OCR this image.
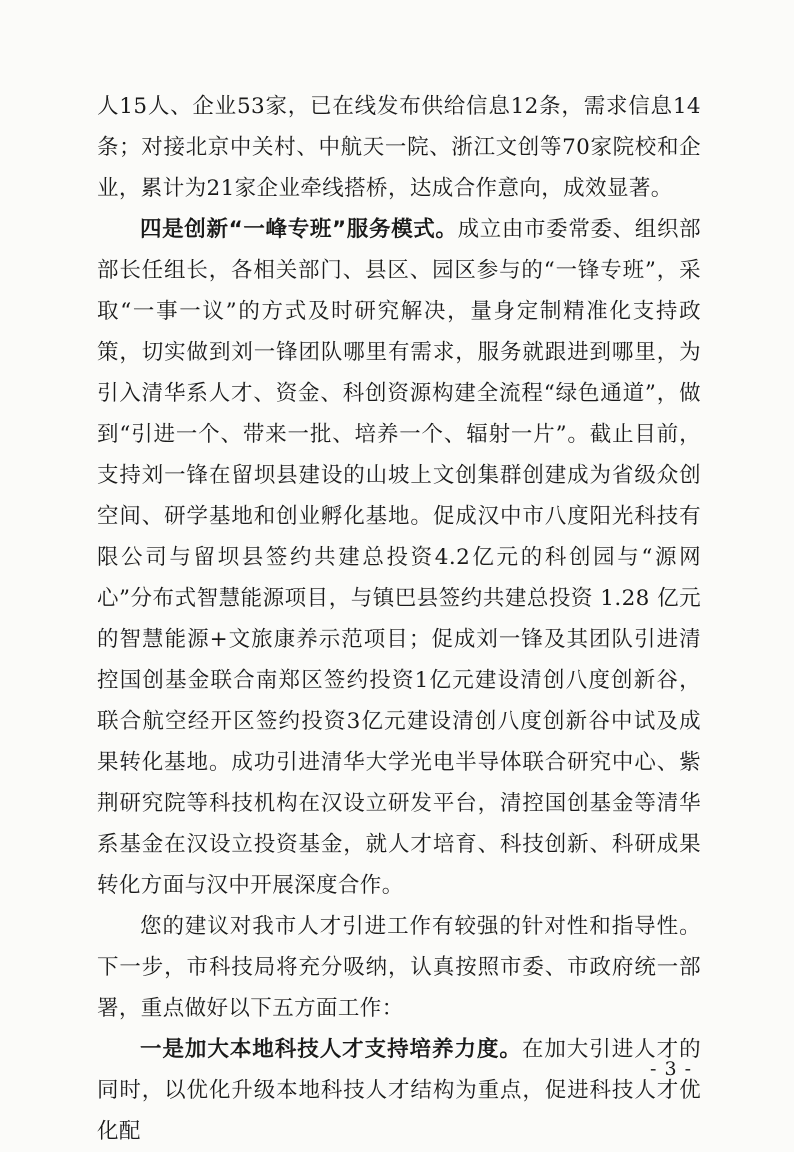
人15人、企业53家，已在线发布供给信息12条，需求信息14条；对接北京中关村、中航天一院、浙江文创等70家院校和企业，累计为21家企业牵线搭桥，达成合作意向，成效显著。

四是创新“一峰专班”服务模式。成立由市委常委、组织部部长任组长，各相关部门、县区、园区参与的“一锋专班”，采取“一事一议”的方式及时研究解决，量身定制精准化支持政策，切实做到刘一锋团队哪里有需求，服务就跟进到哪里，为引入清华系人才、资金、科创资源构建全流程“绿色通道”，做到“引进一个、带来一批、培养一个、辐射一片”。截止目前，支持刘一锋在留坝县建设的山坡上文创集群创建成为省级众创空间、研学基地和创业孵化基地。促成汉中市八度阳光科技有限公司与留坝县签约共建总投资4.2亿元的科创园与“源网心”分布式智慧能源项目，与镇巴县签约共建总投资 1.28 亿元的智慧能源+文旅康养示范项目；促成刘一锋及其团队引进清控国创基金联合南郑区签约投资1亿元建设清创八度创新谷，联合航空经开区签约投资3亿元建设清创八度创新谷中试及成果转化基地。成功引进清华大学光电半导体联合研究中心、紫荆研究院等科技机构在汉设立研发平台，清控国创基金等清华系基金在汉设立投资基金，就人才培育、科技创新、科研成果转化方面与汉中开展深度合作。

您的建议对我市人才引进工作有较强的针对性和指导性。下一步，市科技局将充分吸纳，认真按照市委、市政府统一部署，重点做好以下五方面工作：

一是加大本地科技人才支持培养力度。在加大引进人才的同时，以优化升级本地科技人才结构为重点，促进科技人才优化配

- 3 -
